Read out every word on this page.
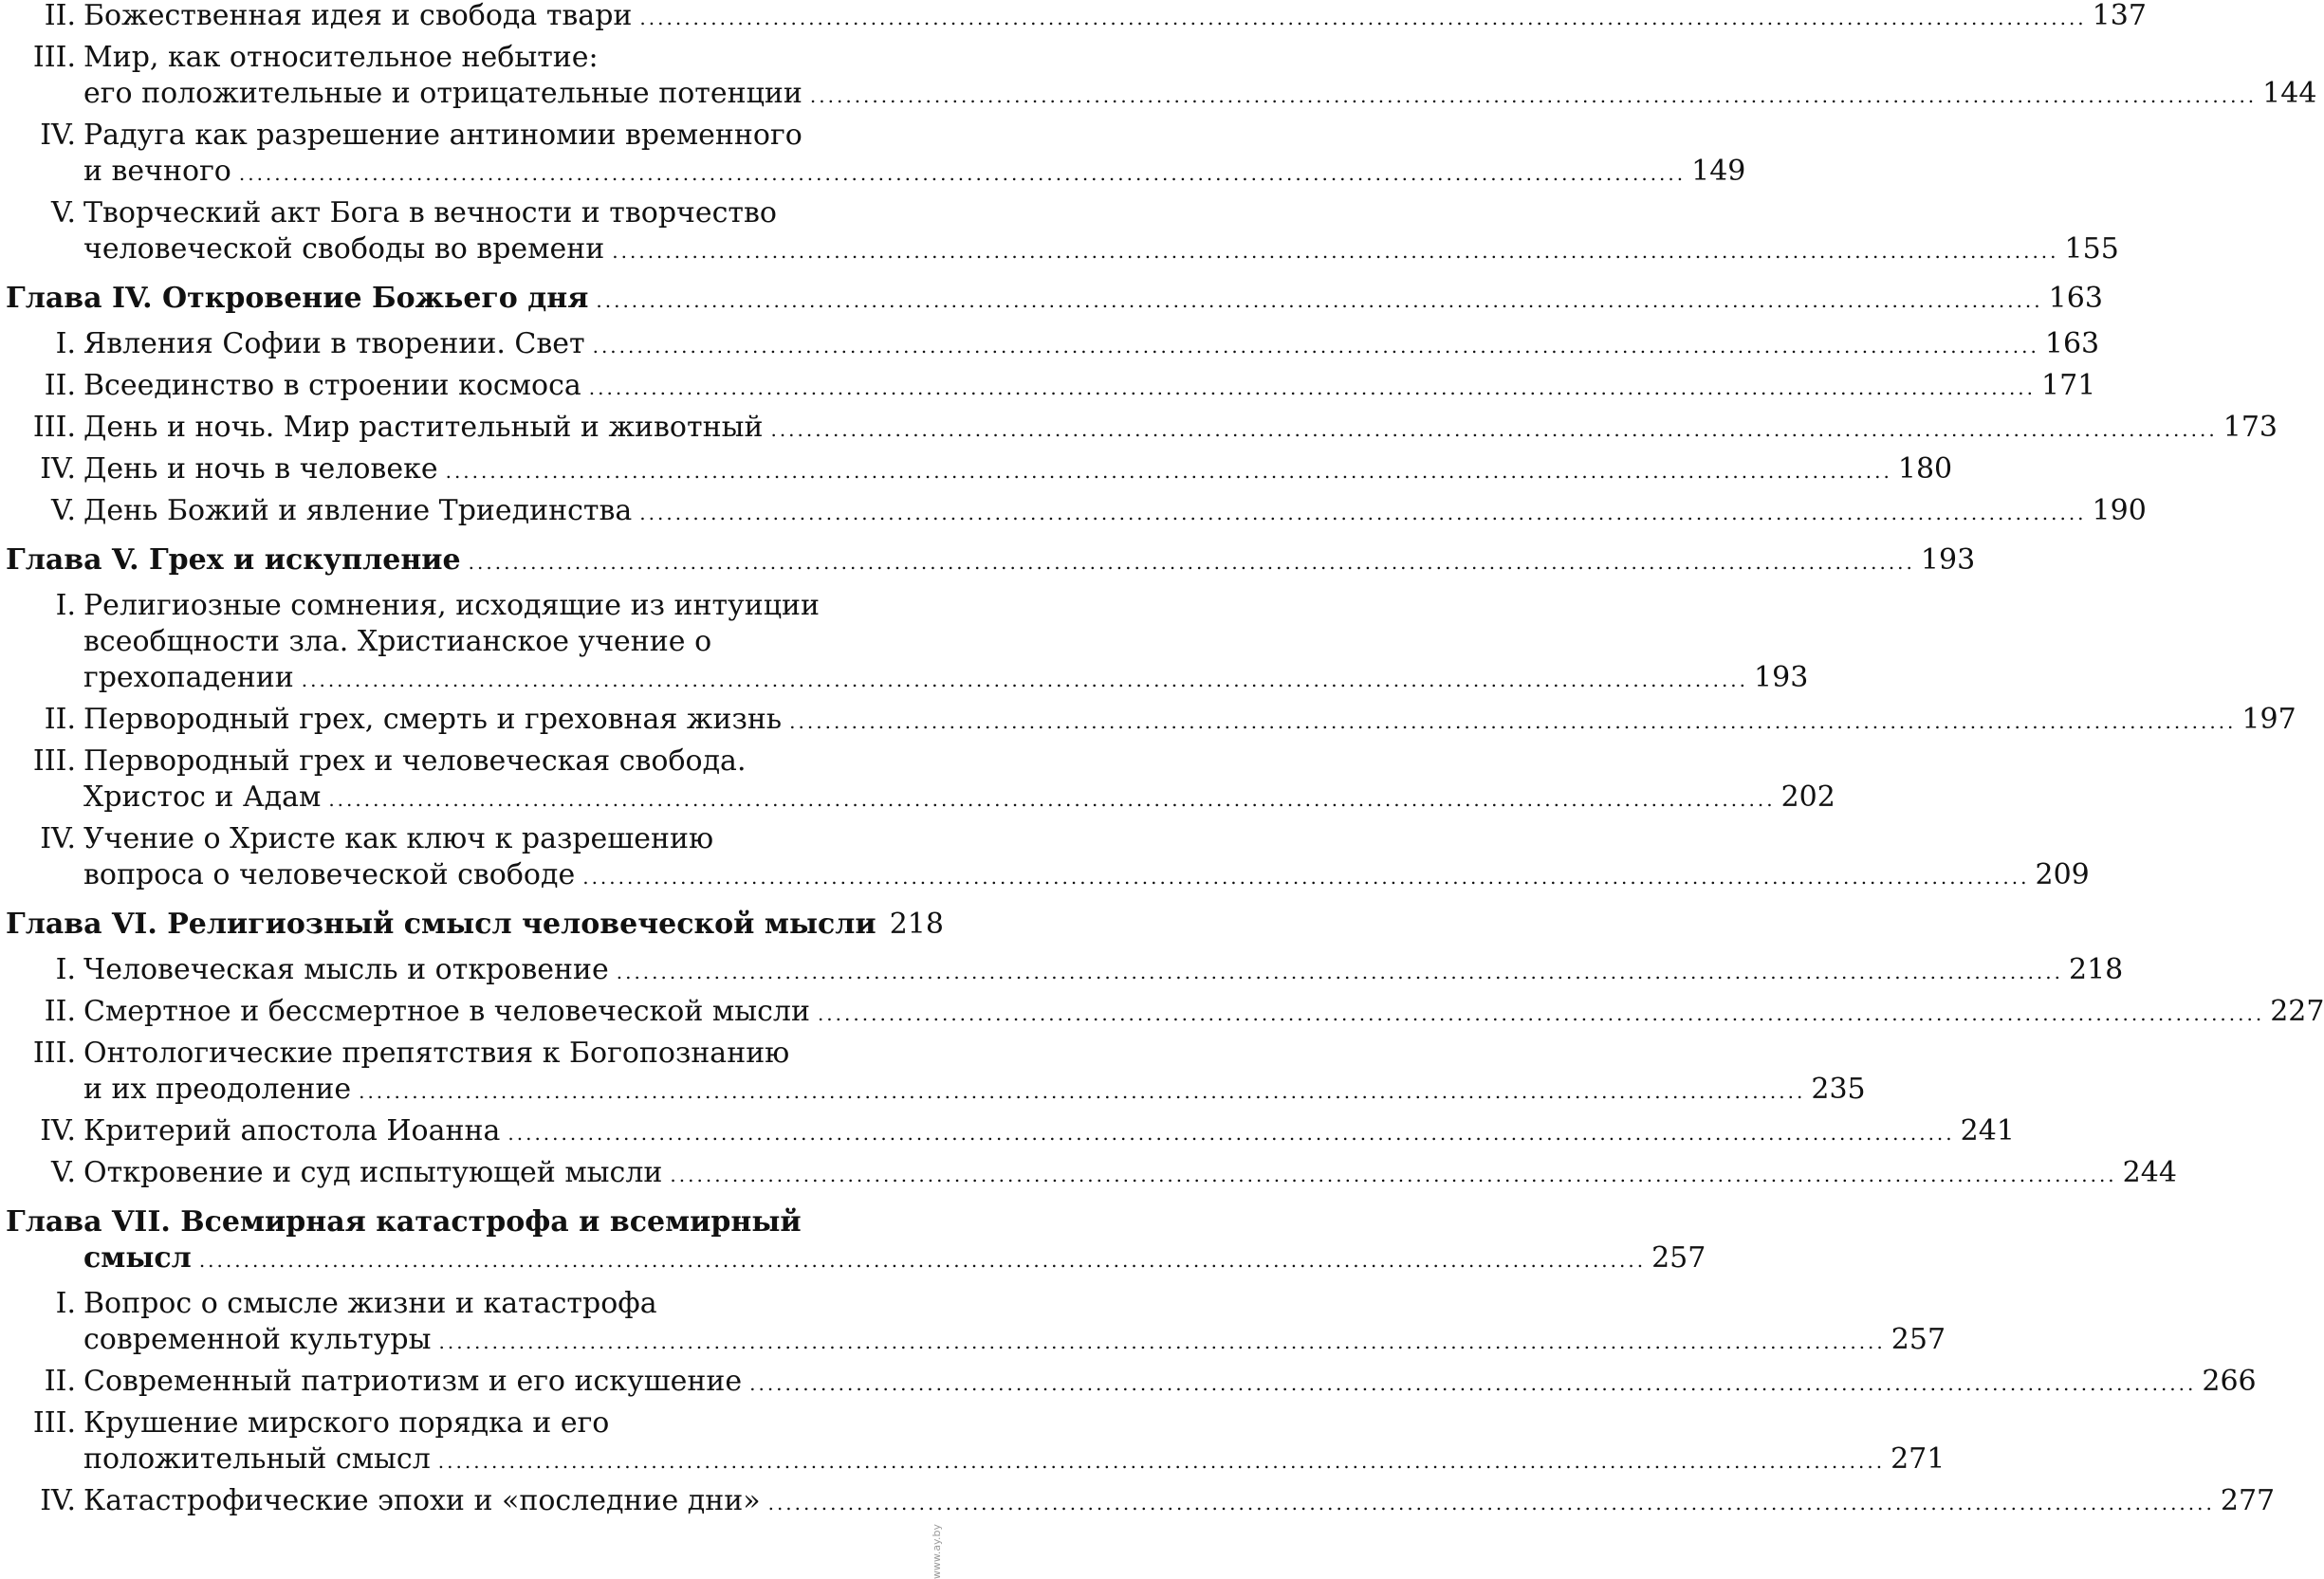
II. Божественная идея и свобода твари .....	137
III. Мир, как относительное небытие:
его положительные и отрицательные потенции .....	144
IV. Радуга как разрешение антиномии временного
и вечного .....	149
V. Творческий акт Бога в вечности и творчество
человеческой свободы во времени .....	155
Глава IV. Откровение Божьего дня .....	163
I. Явления Софии в творении. Свет .....	163
II. Всеединство в строении космоса .....	171
III. День и ночь. Мир растительный и животный .....	173
IV. День и ночь в человеке .....	180
V. День Божий и явление Триединства .....	190
Глава V. Грех и искупление .....	193
I. Религиозные сомнения, исходящие из интуиции
всеобщности зла. Христианское учение о
грехопадении .....	193
II. Первородный грех, смерть и греховная жизнь .....	197
III. Первородный грех и человеческая свобода.
Христос и Адам .....	202
IV. Учение о Христе как ключ к разрешению
вопроса о человеческой свободе .....	209
Глава VI. Религиозный смысл человеческой мысли 218
I. Человеческая мысль и откровение .....	218
II. Смертное и бессмертное в человеческой мысли .....	227
III. Онтологические препятствия к Богопознанию
и их преодоление .....	235
IV. Критерий апостола Иоанна .....	241
V. Откровение и суд испытующей мысли .....	244
Глава VII. Всемирная катастрофа и всемирный
смысл .....	257
I. Вопрос о смысле жизни и катастрофа
современной культуры .....	257
II. Современный патриотизм и его искушение .....	266
III. Крушение мирского порядка и его
положительный смысл .....	271
IV. Катастрофические эпохи и «последние дни» .....	277
www.ay.by
